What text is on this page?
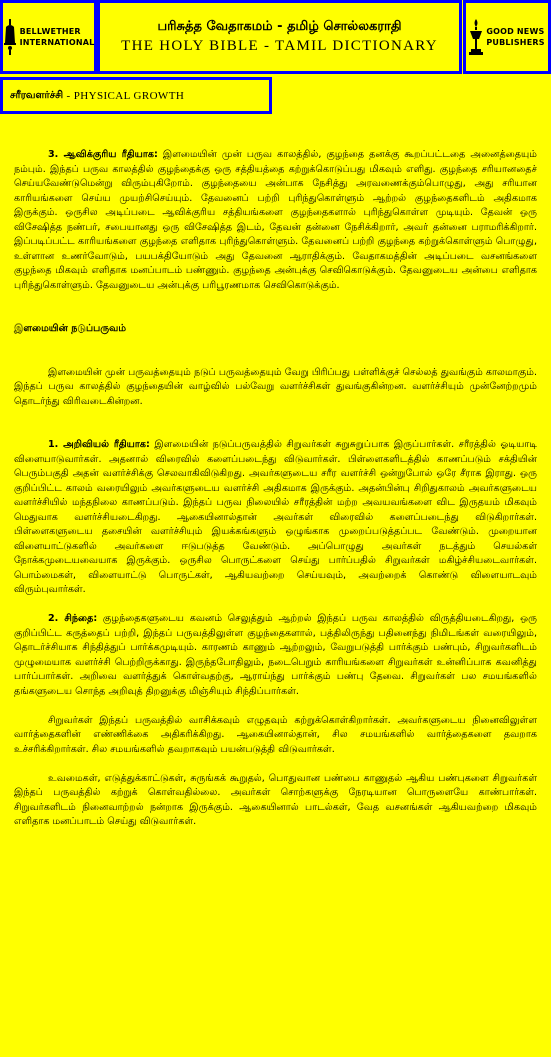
BELLWETHER
INTERNATIONAL
பரிசுத்த வேதாகமம் - தமிழ் சொல்லகராதி
THE HOLY BIBLE - TAMIL DICTIONARY
GOOD NEWS
PUBLISHERS
சரீரவளர்ச்சி
- PHYSICAL GROWTH

3. ஆவிக்குரிய ரீதியாக: இளமையின் முன் பருவ காலத்தில், குழந்தை தனக்கு கூறப்பட்டதை அனைத்தையும் நம்பும். இந்தப் பருவ காலத்தில் குழந்தைக்கு ஒரு சத்தியத்தை கற்றுக்கொடுப்பது மிகவும் எளிது. குழந்தை சரியானதைச் செய்யவேண்டுமென்று விரும்புகிறோம். குழந்தையை அன்பாக நேசித்து அரவணைக்கும்பொழுது, அது சரியான காரியங்களை செய்ய முயற்சிசெய்யும். தேவனைப் பற்றி புரிந்துகொள்ளும் ஆற்றல் குழந்தைகளிடம் அதிகமாக இருக்கும். ஒருசில அடிப்படை ஆவிக்குரிய சத்தியங்களை குழந்தைகளால் புரிந்துகொள்ள முடியும். தேவன் ஒரு விசேஷித்த நண்பர், சபையானது ஒரு விசேஷித்த இடம், தேவன் தன்னை நேசிக்கிறார், அவர் தன்னை பராமரிக்கிறார். இப்படிப்பட்ட காரியங்களை குழந்தை எளிதாக புரிந்துகொள்ளும். தேவனைப் பற்றி குழந்தை கற்றுக்கொள்ளும் பொழுது, உள்ளான உணர்வோடும், பயபக்தியோடும் அது தேவனை ஆராதிக்கும். வேதாகமத்தின் அடிப்படை வசனங்களை குழந்தை மிகவும் எளிதாக மனப்பாடம் பண்ணும். குழந்தை அன்புக்கு செவிகொடுக்கும். தேவனுடைய அன்பை எளிதாக புரிந்துகொள்ளும். தேவனுடைய அன்புக்கு பரிபூரணமாக செவிகொடுக்கும்.

இளமையின் நடுப்பருவம்

இளமையின் முன் பருவத்தையும் நடுப் பருவத்தையும் வேறு பிரிப்பது பள்ளிக்குச் செல்லத் துவங்கும் காலமாகும். இந்தப் பருவ காலத்தில் குழந்தையின் வாழ்வில் பல்வேறு வளர்ச்சிகள் துவங்குகின்றன. வளர்ச்சியும் முன்னேற்றமும் தொடர்ந்து விரிவடைகின்றன.

1. அறிவியல் ரீதியாக: இளமையின் நடுப்பருவத்தில் சிறுவர்கள் சுறுசுறுப்பாக இருப்பார்கள். சரீரத்தில் ஓடியாடி விளையாடுவார்கள். அதனால் விரைவில் களைப்படைந்து விடுவார்கள். பிள்ளைகளிடத்தில் காணப்படும் சக்தியின் பெரும்பகுதி அதன் வளர்ச்சிக்கு செலவாகிவிடுகிறது. அவர்களுடைய சரீர வளர்ச்சி ஒன்றுபோல் ஒரே சீராக இராது. ஒரு குறிப்பிட்ட காலம் வரையிலும் அவர்களுடைய வளர்ச்சி அதிகமாக இருக்கும். அதன்பின்பு சிறிதுகாலம் அவர்களுடைய வளர்ச்சியில் மந்தநிலை காணப்படும். இந்தப் பருவ நிலையில் சரீரத்தின் மற்ற அவயவங்களை விட இருதயம் மிகவும் மெதுவாக வளர்ச்சியடைகிறது. ஆகையினால்தான் அவர்கள் விரைவில் களைப்படைந்து விடுகிறார்கள். பிள்ளைகளுடைய தசையின் வளர்ச்சியும் இயக்கங்களும் ஒழுங்காக முறைப்படுத்தப்பட வேண்டும். முறையான விளையாட்டுகளில் அவர்களை ஈடுபடுத்த வேண்டும். அப்பொழுது அவர்கள் நடத்தும் செயல்கள் நோக்கமுடையவையாக இருக்கும். ஒருசில பொருட்களை செய்து பார்ப்பதில் சிறுவர்கள் மகிழ்ச்சியடைவார்கள். பொம்மைகள், விளையாட்டு பொருட்கள், ஆகியவற்றை செய்யவும், அவற்றைக் கொண்டு விளையாடவும் விரும்புவார்கள்.

2. சிந்தை: குழந்தைகளுடைய கவனம் செலுத்தும் ஆற்றல் இந்தப் பருவ காலத்தில் விருத்தியடைகிறது, ஒரு குறிப்பிட்ட கருத்தைப் பற்றி, இந்தப் பருவத்திலுள்ள குழந்தைகளால், பத்திலிருந்து பதினைந்து நிமிடங்கள் வரையிலும், தொடர்ச்சியாக சிந்தித்துப் பார்க்கமுடியும். காரணம் காணும் ஆற்றலும், வேறுபடுத்தி பார்க்கும் பண்பும், சிறுவர்களிடம் முழுமையாக வளர்ச்சி பெற்றிருக்காது. இருந்தபோதிலும், நடைபெறும் காரியங்களை சிறுவர்கள் உன்னிப்பாக கவனித்து பார்ப்பார்கள். அறிவை வளர்த்துக் கொள்வதற்கு, ஆராய்ந்து பார்க்கும் பண்பு தேவை. சிறுவர்கள் பல சமயங்களில் தங்களுடைய சொந்த அறிவுத் திறனுக்கு மிஞ்சியும் சிந்திப்பார்கள்.

சிறுவர்கள் இந்தப் பருவத்தில் வாசிக்கவும் எழுதவும் கற்றுக்கொள்கிறார்கள். அவர்களுடைய நினைவிலுள்ள வார்த்தைகளின் எண்ணிக்கை அதிகரிக்கிறது. ஆகையினால்தான், சில சமயங்களில் வார்த்தைகளை தவறாக உச்சரிக்கிறார்கள். சில சமயங்களில் தவறாகவும் பயன்படுத்தி விடுவார்கள்.

உவமைகள், எடுத்துக்காட்டுகள், சுருங்கக் கூறுதல், பொதுவான பண்பை காணுதல் ஆகிய பண்புகளை சிறுவர்கள் இந்தப் பருவத்தில் கற்றுக் கொள்வதில்லை. அவர்கள் சொற்களுக்கு நேரடியான பொருளையே காண்பார்கள். சிறுவர்களிடம் நினைவாற்றல் நன்றாக இருக்கும். ஆகையினால் பாடல்கள், வேத வசனங்கள் ஆகியவற்றை மிகவும் எளிதாக மனப்பாடம் செய்து விடுவார்கள்.
